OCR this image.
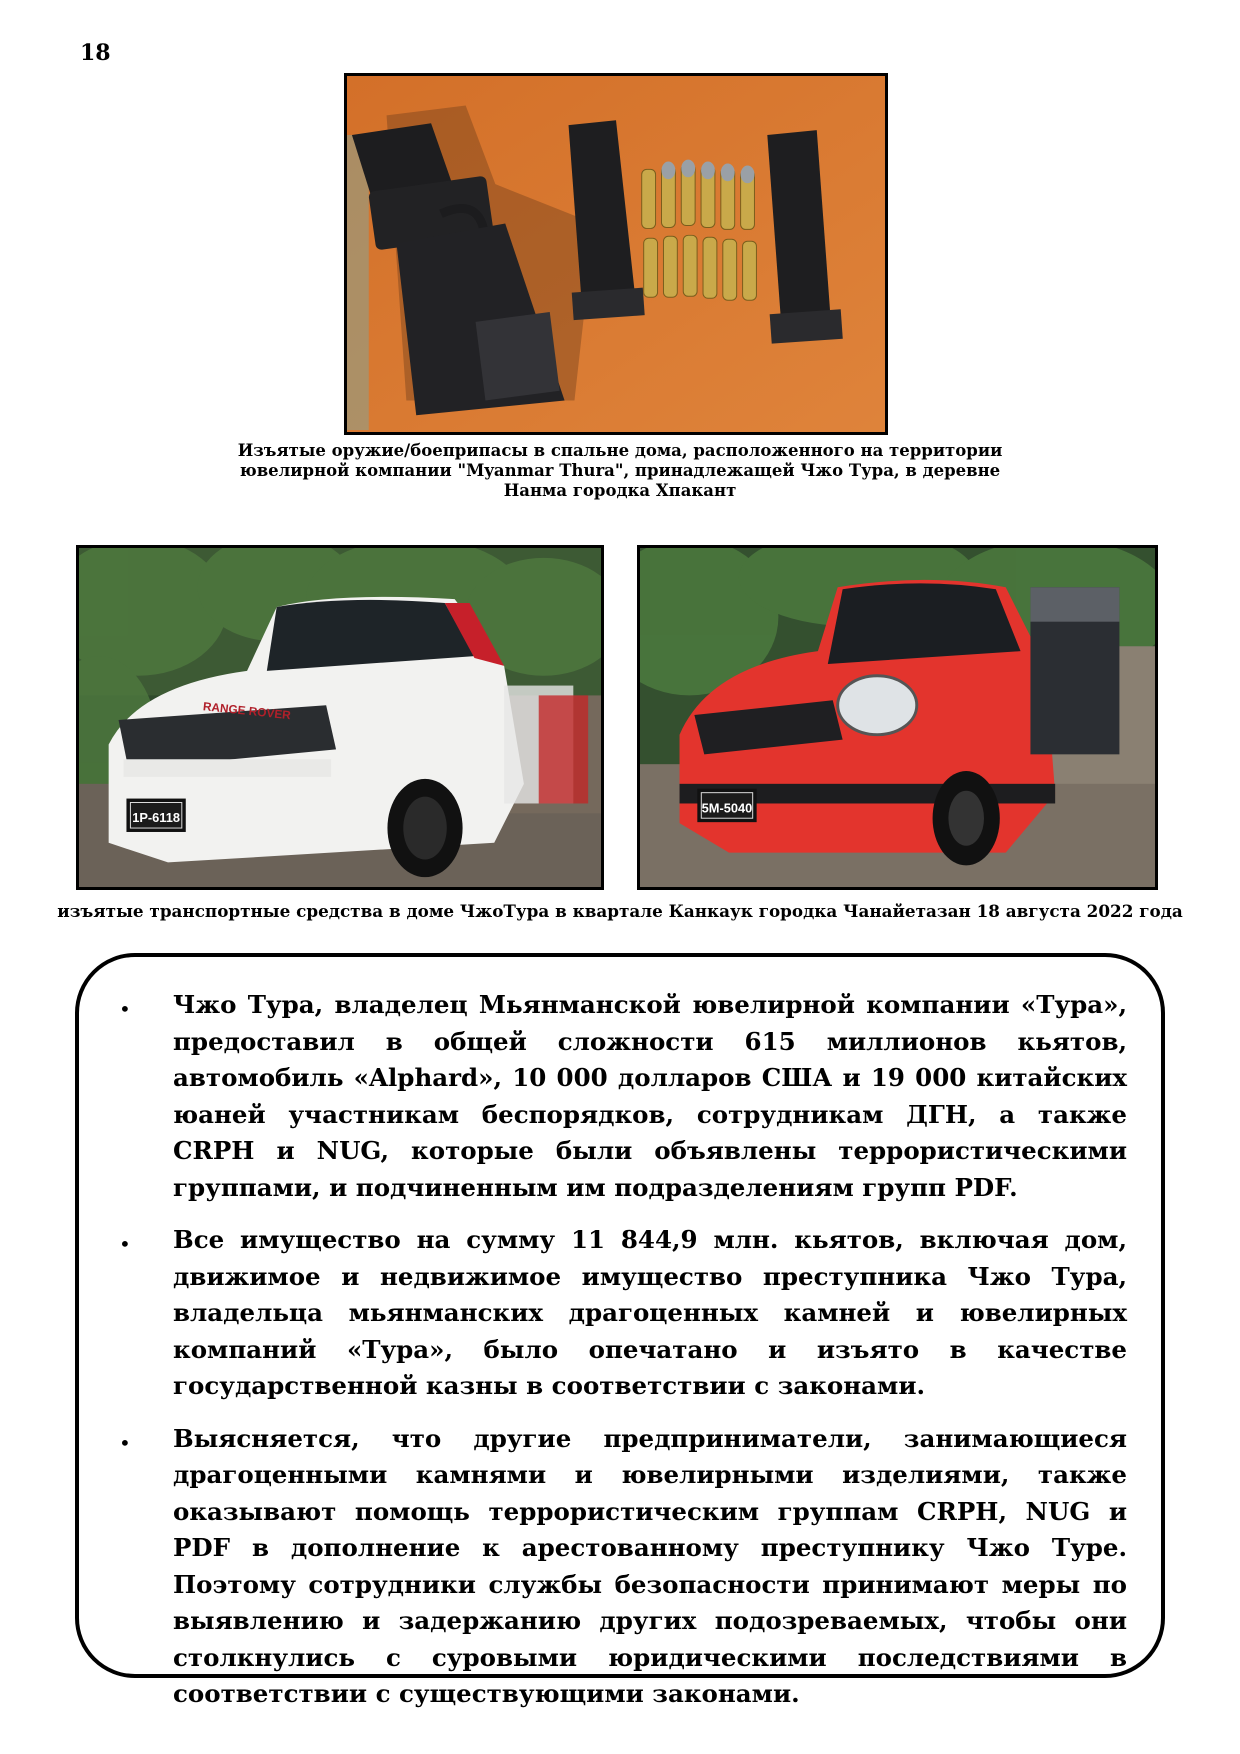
18
Изъятые оружие/боеприпасы в спальне дома, расположенного на территории ювелирной компании "Myanmar Thura", принадлежащей Чжо Тура, в деревне Нанма городка Хпакант
1P-6118
RANGE ROVER
5M-5040
изъятые транспортные средства в доме ЧжоТура в квартале Канкаук городка Чанайетазан 18 августа 2022 года
• Чжо Тура, владелец Мьянманской ювелирной компании «Тура», предоставил в общей сложности 615 миллионов кьятов, автомобиль «Alphard», 10 000 долларов США и 19 000 китайских юаней участникам беспорядков, сотрудникам ДГН, а также CRPH и NUG, которые были объявлены террористическими группами, и подчиненным им подразделениям групп PDF.
• Все имущество на сумму 11 844,9 млн. кьятов, включая дом, движимое и недвижимое имущество преступника Чжо Тура, владельца мьянманских драгоценных камней и ювелирных компаний «Тура», было опечатано и изъято в качестве государственной казны в соответствии с законами.
• Выясняется, что другие предприниматели, занимающиеся драгоценными камнями и ювелирными изделиями, также оказывают помощь террористическим группам CRPH, NUG и PDF в дополнение к арестованному преступнику Чжо Туре. Поэтому сотрудники службы безопасности принимают меры по выявлению и задержанию других подозреваемых, чтобы они столкнулись с суровыми юридическими последствиями в соответствии с существующими законами.
